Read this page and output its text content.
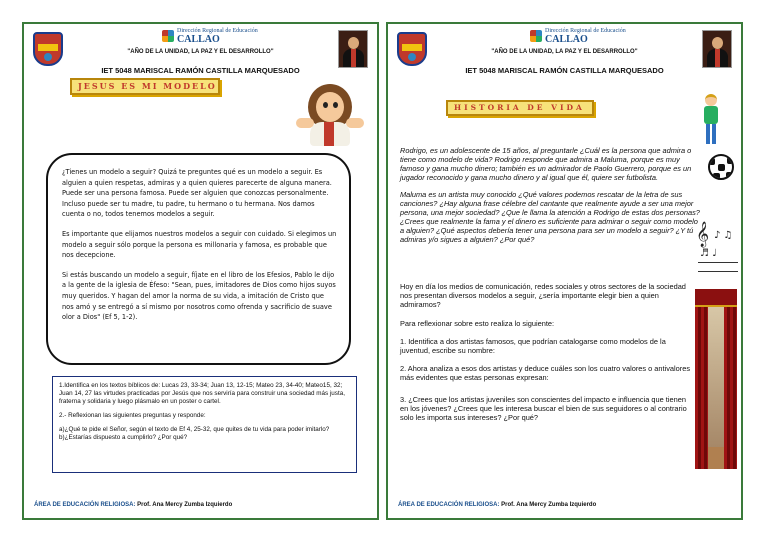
Dirección Regional de Educación
CALLAO
"AÑO DE LA UNIDAD, LA PAZ Y EL DESARROLLO"
IET 5048 MARISCAL RAMÓN CASTILLA MARQUESADO
JESUS ES MI MODELO

¿Tienes un modelo a seguir? Quizá te preguntes qué es un modelo a seguir. Es alguien a quien respetas, admiras y a quien quieres parecerte de alguna manera. Puede ser una persona famosa. Puede ser alguien que conozcas personalmente. Incluso puede ser tu madre, tu padre, tu hermano o tu hermana. Nos damos cuenta o no, todos tenemos modelos a seguir.

Es importante que elijamos nuestros modelos a seguir con cuidado. Si elegimos un modelo a seguir sólo porque la persona es millonaria y famosa, es probable que nos decepcione.

Si estás buscando un modelo a seguir, fíjate en el libro de los Efesios, Pablo le dijo a la gente de la iglesia de Éfeso: "Sean, pues, imitadores de Dios como hijos suyos muy queridos. Y hagan del amor la norma de su vida, a imitación de Cristo que nos amó y se entregó a sí mismo por nosotros como ofrenda y sacrificio de suave olor a Dios" (Ef 5, 1-2).

1.Identifica en los textos bíblicos de: Lucas 23, 33-34; Juan 13, 12-15; Mateo 23, 34-40; Mateo15, 32; Juan 14, 27 las virtudes practicadas por Jesús que nos serviría para construir una sociedad más justa, fraterna y solidaria y luego plásmalo en un poster o cartel.

2.- Reflexionan las siguientes preguntas y responde:

a)¿Qué te pide el Señor, según el texto de Ef 4, 25-32, que quites de tu vida para poder imitarlo?

b)¿Estarías dispuesto a cumplirlo? ¿Por qué?

ÁREA DE EDUCACIÓN RELIGIOSA: Prof. Ana Mercy Zumba Izquierdo
Dirección Regional de Educación
CALLAO
"AÑO DE LA UNIDAD, LA PAZ Y EL DESARROLLO"
IET 5048 MARISCAL RAMÓN CASTILLA MARQUESADO
HISTORIA DE VIDA
𝄞 ♪ ♫
♬ ♩

Rodrigo, es un adolescente de 15 años, al preguntarle ¿Cuál es la persona que admira o tiene como modelo de vida? Rodrigo responde que admira a Maluma, porque es muy famoso y gana mucho dinero; también es un admirador de Paolo Guerrero, porque es un jugador reconocido y gana mucho dinero y al igual que él, quiere ser futbolista.

Maluma es un artista muy conocido ¿Qué valores podemos rescatar de la letra de sus canciones? ¿Hay alguna frase célebre del cantante que realmente ayude a ser una mejor persona, una mejor sociedad? ¿Que le llama la atención a Rodrigo de estas dos personas? ¿Crees que realmente la fama y el dinero es suficiente para admirar o seguir como modelo a alguien? ¿Qué aspectos debería tener una persona para ser un modelo a seguir? ¿Y tú admiras y/o sigues a alguien? ¿Por qué?

Hoy en día los medios de comunicación, redes sociales y otros sectores de la sociedad nos presentan diversos modelos a seguir, ¿sería importante elegir bien a quien admiramos?

Para reflexionar sobre esto realiza lo siguiente:

1. Identifica a dos artistas famosos, que podrían catalogarse como modelos de la juventud, escribe su nombre:

2. Ahora analiza a esos dos artistas y deduce cuáles son los cuatro valores o antivalores más evidentes que estas personas expresan:

3. ¿Crees que los artistas juveniles son conscientes del impacto e influencia que tienen en los jóvenes? ¿Crees que les interesa buscar el bien de sus seguidores o al contrario solo les importa sus intereses? ¿Por qué?

ÁREA DE EDUCACIÓN RELIGIOSA: Prof. Ana Mercy Zumba Izquierdo
